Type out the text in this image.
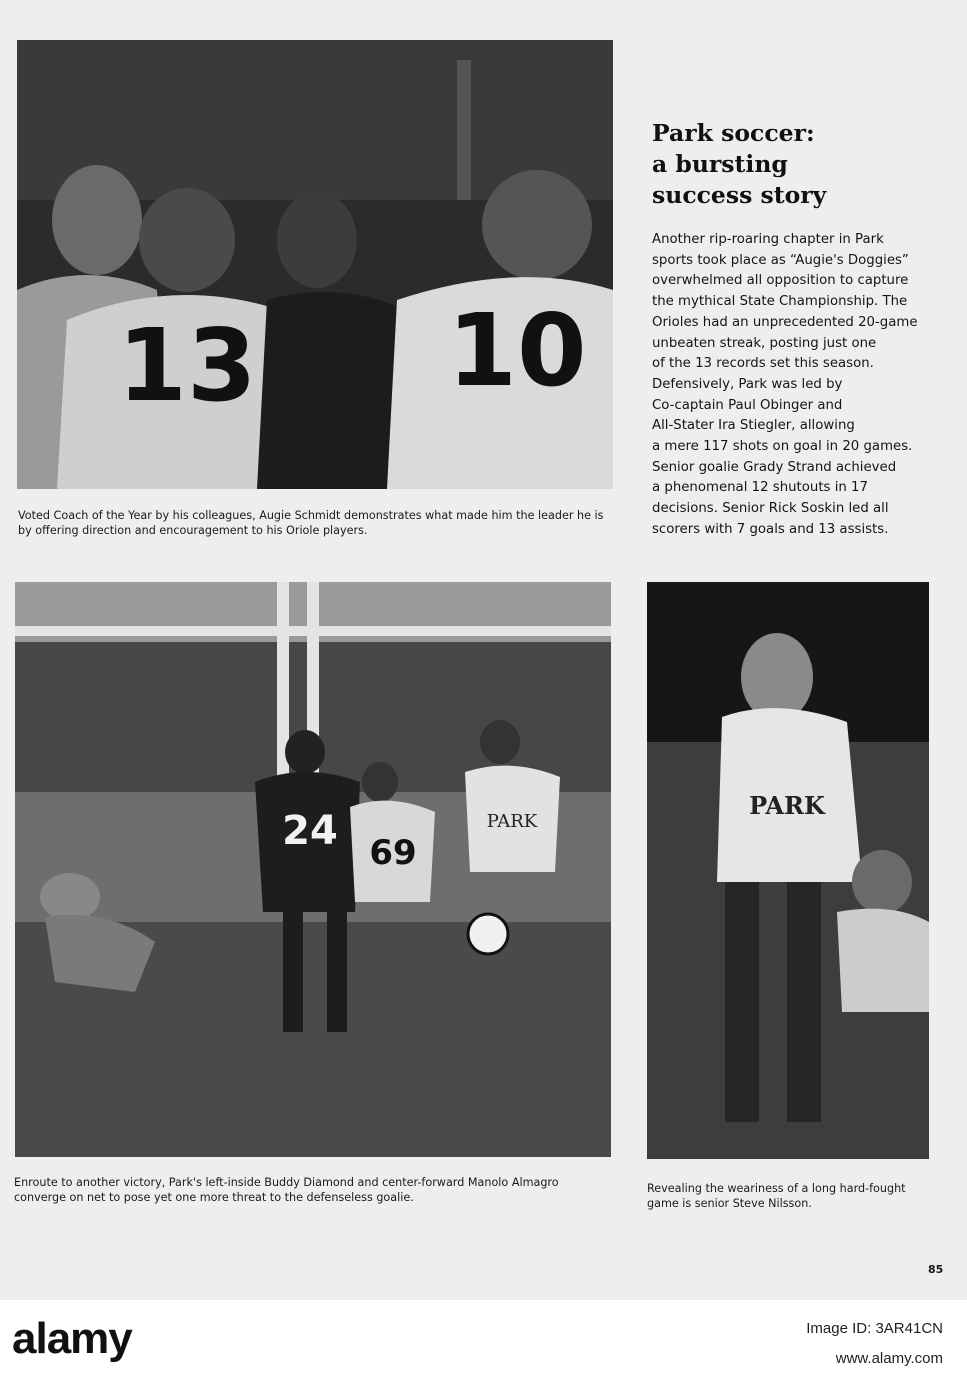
13 10

Voted Coach of the Year by his colleagues, Augie Schmidt demonstrates what made him the leader he is by offering direction and encouragement to his Oriole players.

Park soccer:
a bursting
success story

Another rip-roaring chapter in Park
sports took place as “Augie's Doggies”
overwhelmed all opposition to capture
the mythical State Championship. The
Orioles had an unprecedented 20-game
unbeaten streak, posting just one
of the 13 records set this season.
Defensively, Park was led by
Co-captain Paul Obinger and
All-Stater Ira Stiegler, allowing
a mere 117 shots on goal in 20 games.
Senior goalie Grady Strand achieved
a phenomenal 12 shutouts in 17
decisions. Senior Rick Soskin led all
scorers with 7 goals and 13 assists.

24 69
PARK

Enroute to another victory, Park's left-inside Buddy Diamond and center-forward Manolo Almagro converge on net to pose yet one more threat to the defenseless goalie.

PARK

Revealing the weariness of a long hard-fought game is senior Steve Nilsson.

85
alamy	Image ID: 3AR41CN
www.alamy.com
